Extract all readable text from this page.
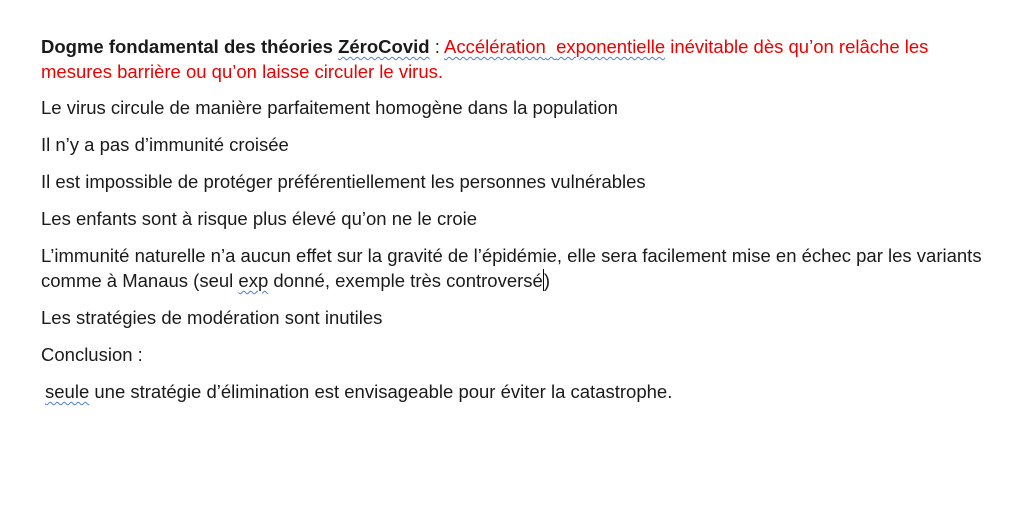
Dogme fondamental des théories ZéroCovid : Accélération exponentielle inévitable dès qu’on relâche les mesures barrière ou qu’on laisse circuler le virus.

Le virus circule de manière parfaitement homogène dans la population

Il n’y a pas d’immunité croisée

Il est impossible de protéger préférentiellement les personnes vulnérables

Les enfants sont à risque plus élevé qu’on ne le croie

L’immunité naturelle n’a aucun effet sur la gravité de l’épidémie, elle sera facilement mise en échec par les variants comme à Manaus (seul exp donné, exemple très controversé)

Les stratégies de modération sont inutiles

Conclusion :

seule une stratégie d’élimination est envisageable pour éviter la catastrophe.
